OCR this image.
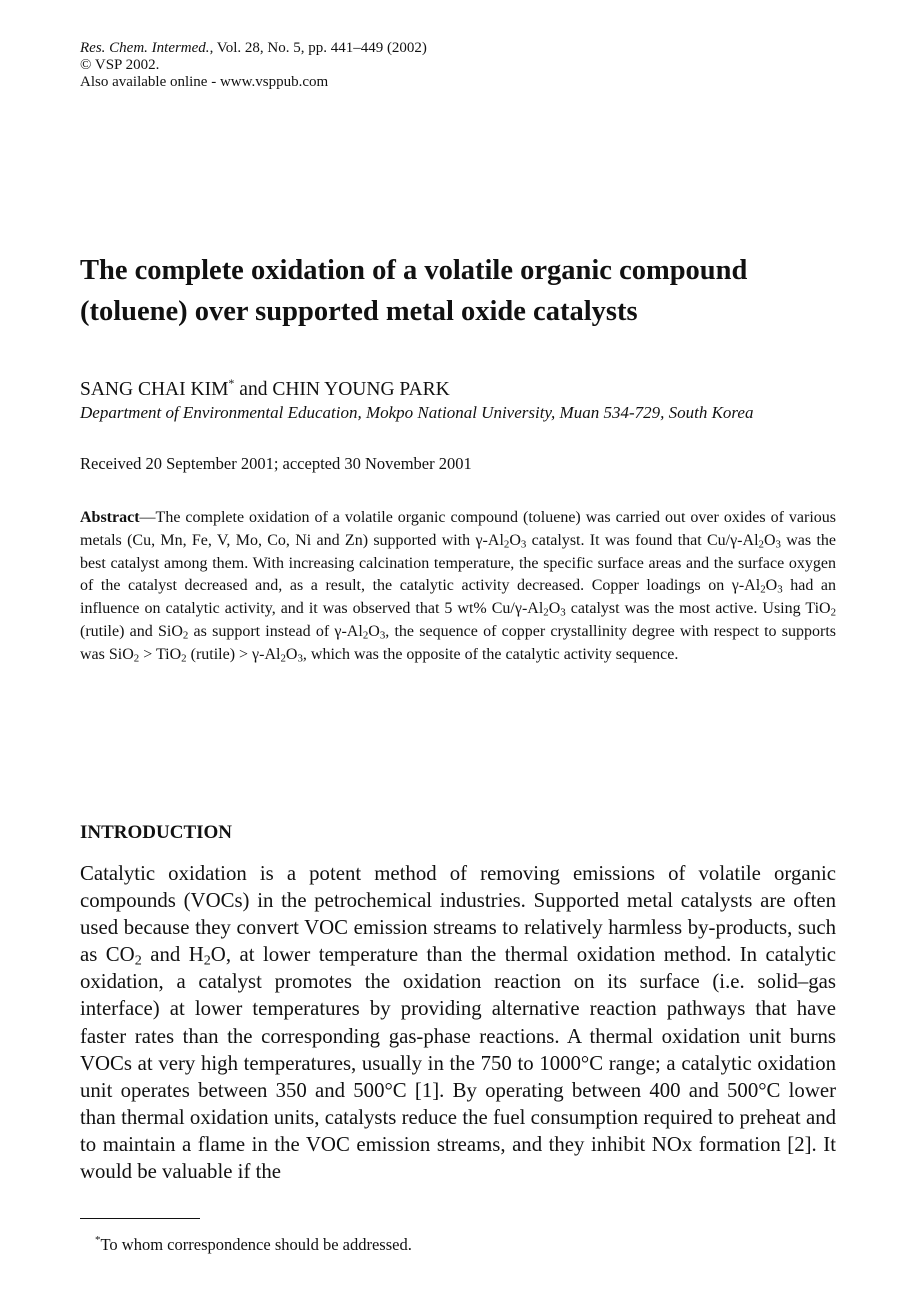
Res. Chem. Intermed., Vol. 28, No. 5, pp. 441–449 (2002)
© VSP 2002.
Also available online - www.vsppub.com
The complete oxidation of a volatile organic compound (toluene) over supported metal oxide catalysts
SANG CHAI KIM* and CHIN YOUNG PARK
Department of Environmental Education, Mokpo National University, Muan 534-729, South Korea
Received 20 September 2001; accepted 30 November 2001
Abstract—The complete oxidation of a volatile organic compound (toluene) was carried out over oxides of various metals (Cu, Mn, Fe, V, Mo, Co, Ni and Zn) supported with $\gamma-Al_2O_3$ catalyst. It was found that $Cu/\gamma-Al_2O_3$ was the best catalyst among them. With increasing calcination temperature, the specific surface areas and the surface oxygen of the catalyst decreased and, as a result, the catalytic activity decreased. Copper loadings on $\gamma-Al_2O_3$ had an influence on catalytic activity, and it was observed that 5 wt% $Cu/\gamma-Al_2O_3$ catalyst was the most active. Using TiO$_2$ (rutile) and SiO$_2$ as support instead of $\gamma-Al_2O_3$, the sequence of copper crystallinity degree with respect to supports was SiO$_2$ > TiO$_2$ (rutile) > $\gamma-Al_2O_3$, which was the opposite of the catalytic activity sequence.
INTRODUCTION
Catalytic oxidation is a potent method of removing emissions of volatile organic compounds (VOCs) in the petrochemical industries. Supported metal catalysts are often used because they convert VOC emission streams to relatively harmless by-products, such as $CO_2$ and $H_2O$, at lower temperature than the thermal oxidation method. In catalytic oxidation, a catalyst promotes the oxidation reaction on its surface (i.e. solid–gas interface) at lower temperatures by providing alternative reaction pathways that have faster rates than the corresponding gas-phase reactions. A thermal oxidation unit burns VOCs at very high temperatures, usually in the 750 to 1000°C range; a catalytic oxidation unit operates between 350 and 500°C [1]. By operating between 400 and 500°C lower than thermal oxidation units, catalysts reduce the fuel consumption required to preheat and to maintain a flame in the VOC emission streams, and they inhibit NOx formation [2]. It would be valuable if the
*To whom correspondence should be addressed.
